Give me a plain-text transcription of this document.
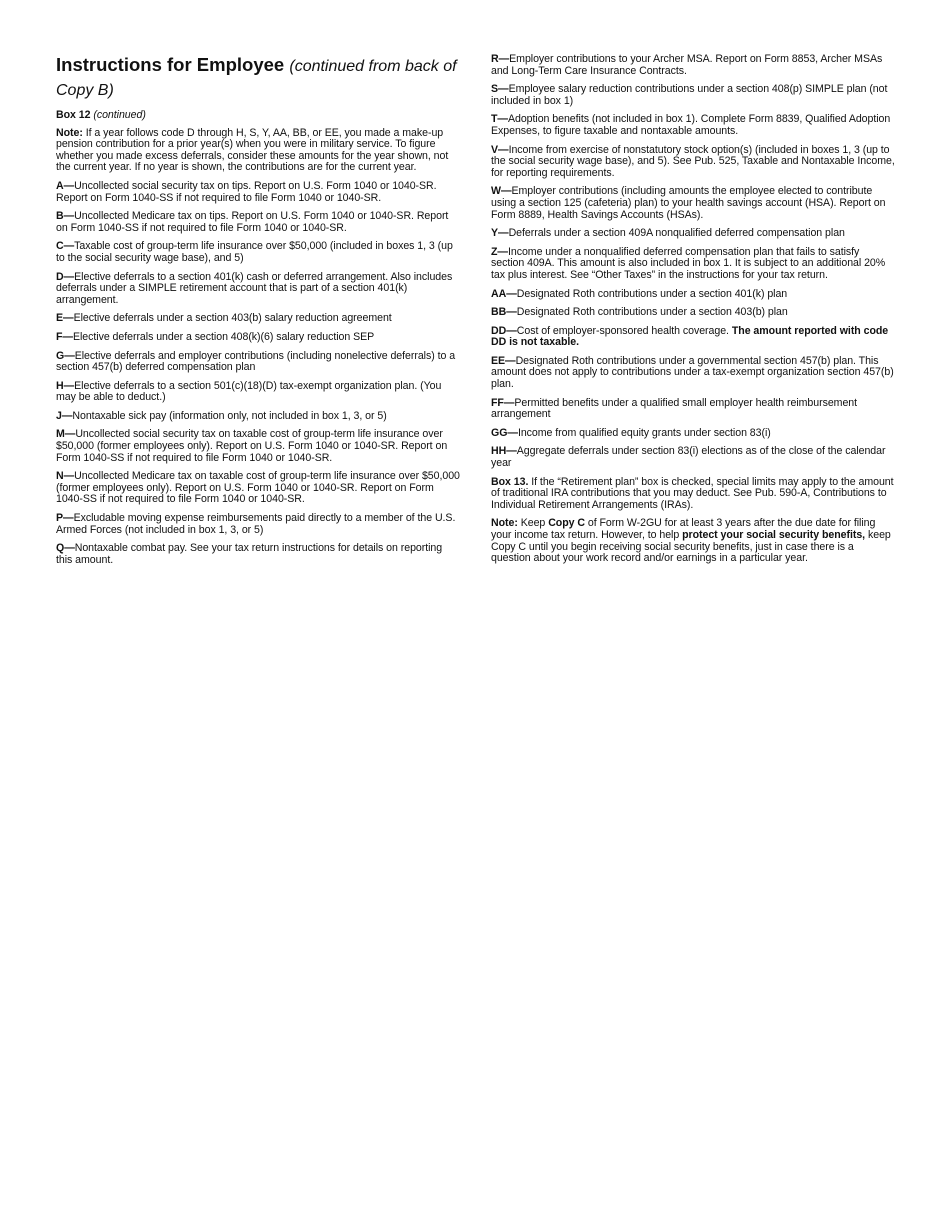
Instructions for Employee (continued from back of Copy B)

Box 12 (continued)

Note: If a year follows code D through H, S, Y, AA, BB, or EE, you made a make-up pension contribution for a prior year(s) when you were in military service. To figure whether you made excess deferrals, consider these amounts for the year shown, not the current year. If no year is shown, the contributions are for the current year.

A—Uncollected social security tax on tips. Report on U.S. Form 1040 or 1040-SR. Report on Form 1040-SS if not required to file Form 1040 or 1040-SR.

B—Uncollected Medicare tax on tips. Report on U.S. Form 1040 or 1040-SR. Report on Form 1040-SS if not required to file Form 1040 or 1040-SR.

C—Taxable cost of group-term life insurance over $50,000 (included in boxes 1, 3 (up to the social security wage base), and 5)

D—Elective deferrals to a section 401(k) cash or deferred arrangement. Also includes deferrals under a SIMPLE retirement account that is part of a section 401(k) arrangement.

E—Elective deferrals under a section 403(b) salary reduction agreement

F—Elective deferrals under a section 408(k)(6) salary reduction SEP

G—Elective deferrals and employer contributions (including nonelective deferrals) to a section 457(b) deferred compensation plan

H—Elective deferrals to a section 501(c)(18)(D) tax-exempt organization plan. (You may be able to deduct.)

J—Nontaxable sick pay (information only, not included in box 1, 3, or 5)

M—Uncollected social security tax on taxable cost of group-term life insurance over $50,000 (former employees only). Report on U.S. Form 1040 or 1040-SR. Report on Form 1040-SS if not required to file Form 1040 or 1040-SR.

N—Uncollected Medicare tax on taxable cost of group-term life insurance over $50,000 (former employees only). Report on U.S. Form 1040 or 1040-SR. Report on Form 1040-SS if not required to file Form 1040 or 1040-SR.

P—Excludable moving expense reimbursements paid directly to a member of the U.S. Armed Forces (not included in box 1, 3, or 5)

Q—Nontaxable combat pay. See your tax return instructions for details on reporting this amount.

R—Employer contributions to your Archer MSA. Report on Form 8853, Archer MSAs and Long-Term Care Insurance Contracts.

S—Employee salary reduction contributions under a section 408(p) SIMPLE plan (not included in box 1)

T—Adoption benefits (not included in box 1). Complete Form 8839, Qualified Adoption Expenses, to figure taxable and nontaxable amounts.

V—Income from exercise of nonstatutory stock option(s) (included in boxes 1, 3 (up to the social security wage base), and 5). See Pub. 525, Taxable and Nontaxable Income, for reporting requirements.

W—Employer contributions (including amounts the employee elected to contribute using a section 125 (cafeteria) plan) to your health savings account (HSA). Report on Form 8889, Health Savings Accounts (HSAs).

Y—Deferrals under a section 409A nonqualified deferred compensation plan

Z—Income under a nonqualified deferred compensation plan that fails to satisfy section 409A. This amount is also included in box 1. It is subject to an additional 20% tax plus interest. See “Other Taxes” in the instructions for your tax return.

AA—Designated Roth contributions under a section 401(k) plan

BB—Designated Roth contributions under a section 403(b) plan

DD—Cost of employer-sponsored health coverage. The amount reported with code DD is not taxable.

EE—Designated Roth contributions under a governmental section 457(b) plan. This amount does not apply to contributions under a tax-exempt organization section 457(b) plan.

FF—Permitted benefits under a qualified small employer health reimbursement arrangement

GG—Income from qualified equity grants under section 83(i)

HH—Aggregate deferrals under section 83(i) elections as of the close of the calendar year

Box 13. If the “Retirement plan” box is checked, special limits may apply to the amount of traditional IRA contributions that you may deduct. See Pub. 590-A, Contributions to Individual Retirement Arrangements (IRAs).

Note: Keep Copy C of Form W-2GU for at least 3 years after the due date for filing your income tax return. However, to help protect your social security benefits, keep Copy C until you begin receiving social security benefits, just in case there is a question about your work record and/or earnings in a particular year.
